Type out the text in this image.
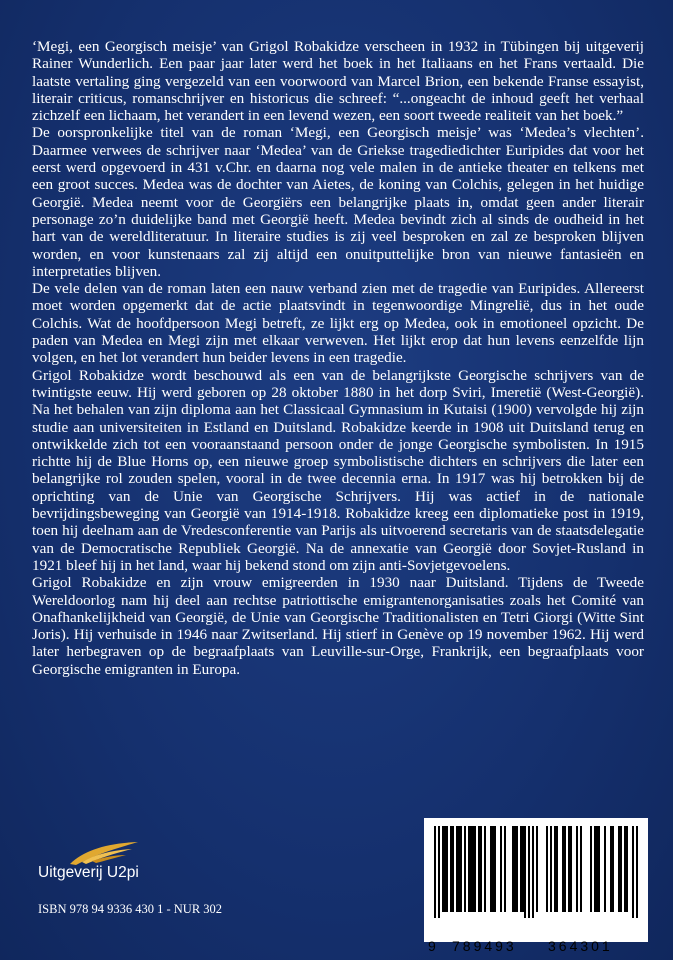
‘Megi, een Georgisch meisje’ van Grigol Robakidze verscheen in 1932 in Tübingen bij uitgeverij Rainer Wunderlich. Een paar jaar later werd het boek in het Italiaans en het Frans vertaald. Die laatste vertaling ging vergezeld van een voorwoord van Marcel Brion, een bekende Franse essayist, literair criticus, romanschrijver en historicus die schreef: “...ongeacht de inhoud geeft het verhaal zichzelf een lichaam, het verandert in een levend wezen, een soort tweede realiteit van het boek.”

De oorspronkelijke titel van de roman ‘Megi, een Georgisch meisje’ was ‘Medea’s vlechten’. Daarmee verwees de schrijver naar ‘Medea’ van de Griekse tragediedichter Euripides dat voor het eerst werd opgevoerd in 431 v.Chr. en daarna nog vele malen in de antieke theater en telkens met een groot succes. Medea was de dochter van Aietes, de koning van Colchis, gelegen in het huidige Georgië. Medea neemt voor de Georgiërs een belangrijke plaats in, omdat geen ander literair personage zo’n duidelijke band met Georgië heeft. Medea bevindt zich al sinds de oudheid in het hart van de wereldliteratuur. In literaire studies is zij veel besproken en zal ze besproken blijven worden, en voor kunstenaars zal zij altijd een onuitputtelijke bron van nieuwe fantasieën en interpretaties blijven.

De vele delen van de roman laten een nauw verband zien met de tragedie van Euripides. Allereerst moet worden opgemerkt dat de actie plaatsvindt in tegenwoordige Mingrelië, dus in het oude Colchis. Wat de hoofdpersoon Megi betreft, ze lijkt erg op Medea, ook in emotioneel opzicht. De paden van Medea en Megi zijn met elkaar verweven. Het lijkt erop dat hun levens eenzelfde lijn volgen, en het lot verandert hun beider levens in een tragedie.

Grigol Robakidze wordt beschouwd als een van de belangrijkste Georgische schrijvers van de twintigste eeuw. Hij werd geboren op 28 oktober 1880 in het dorp Sviri, Imeretië (West-Georgië). Na het behalen van zijn diploma aan het Classicaal Gymnasium in Kutaisi (1900) vervolgde hij zijn studie aan universiteiten in Estland en Duitsland. Robakidze keerde in 1908 uit Duitsland terug en ontwikkelde zich tot een vooraanstaand persoon onder de jonge Georgische symbolisten. In 1915 richtte hij de Blue Horns op, een nieuwe groep symbolistische dichters en schrijvers die later een belangrijke rol zouden spelen, vooral in de twee decennia erna. In 1917 was hij betrokken bij de oprichting van de Unie van Georgische Schrijvers. Hij was actief in de nationale bevrijdingsbeweging van Georgië van 1914-1918. Robakidze kreeg een diplomatieke post in 1919, toen hij deelnam aan de Vredesconferentie van Parijs als uitvoerend secretaris van de staatsdelegatie van de Democratische Republiek Georgië. Na de annexatie van Georgië door Sovjet-Rusland in 1921 bleef hij in het land, waar hij bekend stond om zijn anti-Sovjetgevoelens.

Grigol Robakidze en zijn vrouw emigreerden in 1930 naar Duitsland. Tijdens de Tweede Wereldoorlog nam hij deel aan rechtse patriottische emigrantenorganisaties zoals het Comité van Onafhankelijkheid van Georgië, de Unie van Georgische Traditionalisten en Tetri Giorgi (Witte Sint Joris). Hij verhuisde in 1946 naar Zwitserland. Hij stierf in Genève op 19 november 1962. Hij werd later herbegraven op de begraafplaats van Leuville-sur-Orge, Frankrijk, een begraafplaats voor Georgische emigranten in Europa.

Uitgeverij U2pi
ISBN 978 94 9336 430 1 - NUR 302
9 789493 364301
